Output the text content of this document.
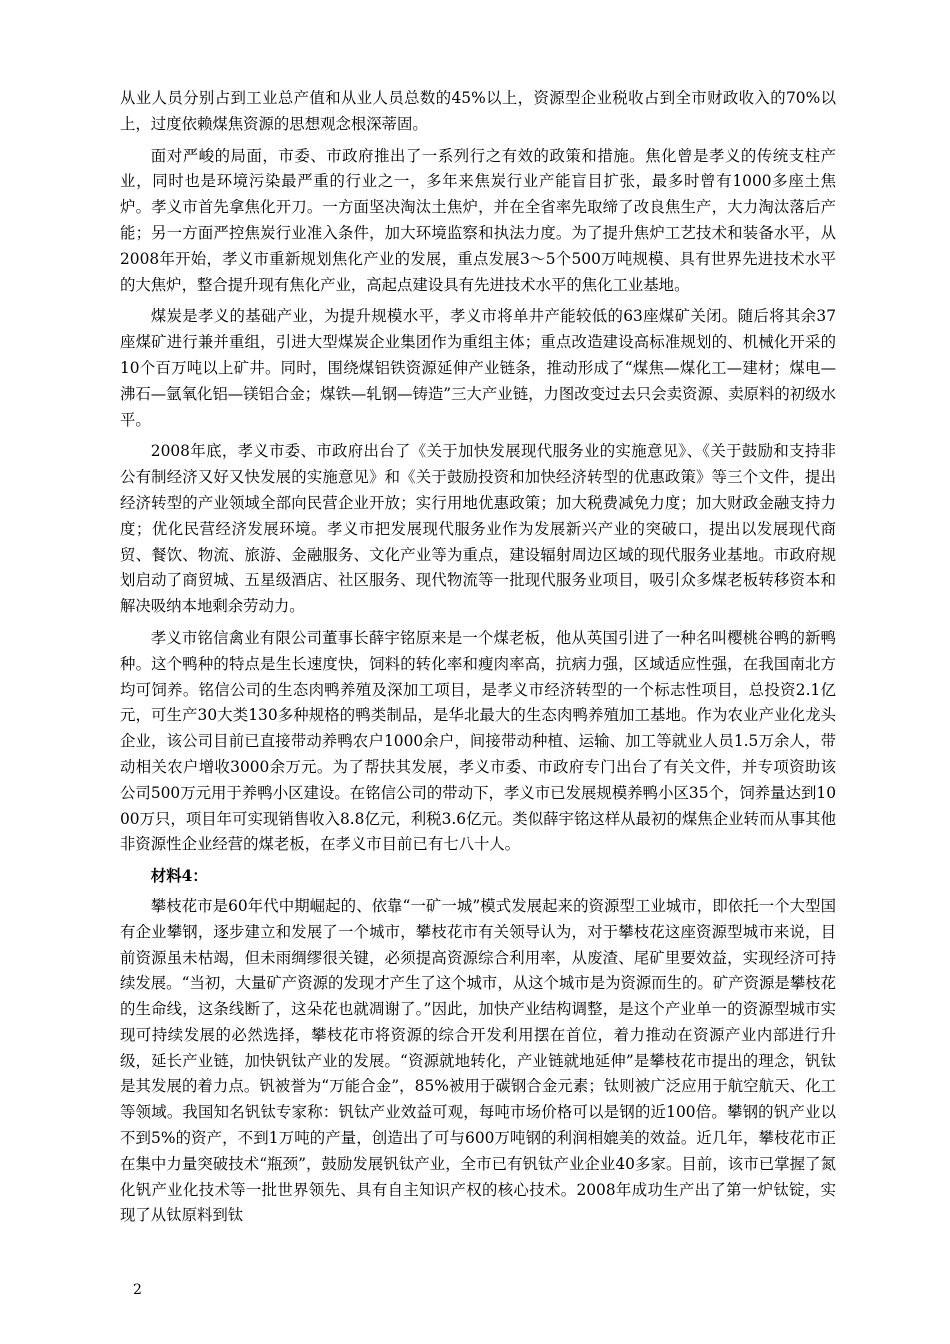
从业人员分别占到工业总产值和从业人员总数的45%以上，资源型企业税收占到全市财政收入的70%以上，过度依赖煤焦资源的思想观念根深蒂固。

面对严峻的局面，市委、市政府推出了一系列行之有效的政策和措施。焦化曾是孝义的传统支柱产业，同时也是环境污染最严重的行业之一，多年来焦炭行业产能盲目扩张，最多时曾有1000多座土焦炉。孝义市首先拿焦化开刀。一方面坚决淘汰土焦炉，并在全省率先取缔了改良焦生产，大力淘汰落后产能；另一方面严控焦炭行业准入条件，加大环境监察和执法力度。为了提升焦炉工艺技术和装备水平，从2008年开始，孝义市重新规划焦化产业的发展，重点发展3～5个500万吨规模、具有世界先进技术水平的大焦炉，整合提升现有焦化产业，高起点建设具有先进技术水平的焦化工业基地。

煤炭是孝义的基础产业，为提升规模水平，孝义市将单井产能较低的63座煤矿关闭。随后将其余37座煤矿进行兼并重组，引进大型煤炭企业集团作为重组主体；重点改造建设高标准规划的、机械化开采的10个百万吨以上矿井。同时，围绕煤铝铁资源延伸产业链条，推动形成了“煤焦—煤化工—建材；煤电—沸石—氩氧化铝—镁铝合金；煤铁—轧钢—铸造”三大产业链，力图改变过去只会卖资源、卖原料的初级水平。

2008年底，孝义市委、市政府出台了《关于加快发展现代服务业的实施意见》、《关于鼓励和支持非公有制经济又好又快发展的实施意见》和《关于鼓励投资和加快经济转型的优惠政策》等三个文件，提出经济转型的产业领域全部向民营企业开放；实行用地优惠政策；加大税费减免力度；加大财政金融支持力度；优化民营经济发展环境。孝义市把发展现代服务业作为发展新兴产业的突破口，提出以发展现代商贸、餐饮、物流、旅游、金融服务、文化产业等为重点，建设辐射周边区域的现代服务业基地。市政府规划启动了商贸城、五星级酒店、社区服务、现代物流等一批现代服务业项目，吸引众多煤老板转移资本和解决吸纳本地剩余劳动力。

孝义市铭信禽业有限公司董事长薛宇铭原来是一个煤老板，他从英国引进了一种名叫樱桃谷鸭的新鸭种。这个鸭种的特点是生长速度快，饲料的转化率和瘦肉率高，抗病力强，区域适应性强，在我国南北方均可饲养。铭信公司的生态肉鸭养殖及深加工项目，是孝义市经济转型的一个标志性项目，总投资2.1亿元，可生产30大类130多种规格的鸭类制品，是华北最大的生态肉鸭养殖加工基地。作为农业产业化龙头企业，该公司目前已直接带动养鸭农户1000余户，间接带动种植、运输、加工等就业人员1.5万余人，带动相关农户增收3000余万元。为了帮扶其发展，孝义市委、市政府专门出台了有关文件，并专项资助该公司500万元用于养鸭小区建设。在铭信公司的带动下，孝义市已发展规模养鸭小区35个，饲养量达到1000万只，项目年可实现销售收入8.8亿元，利税3.6亿元。类似薛宇铭这样从最初的煤焦企业转而从事其他非资源性企业经营的煤老板，在孝义市目前已有七八十人。

材料4：

攀枝花市是60年代中期崛起的、依靠“一矿一城”模式发展起来的资源型工业城市，即依托一个大型国有企业攀钢，逐步建立和发展了一个城市，攀枝花市有关领导认为，对于攀枝花这座资源型城市来说，目前资源虽未枯竭，但未雨绸缪很关键，必须提高资源综合利用率，从废渣、尾矿里要效益，实现经济可持续发展。“当初，大量矿产资源的发现才产生了这个城市，从这个城市是为资源而生的。矿产资源是攀枝花的生命线，这条线断了，这朵花也就凋谢了。”因此，加快产业结构调整，是这个产业单一的资源型城市实现可持续发展的必然选择，攀枝花市将资源的综合开发利用摆在首位，着力推动在资源产业内部进行升级，延长产业链，加快钒钛产业的发展。“资源就地转化，产业链就地延伸”是攀枝花市提出的理念，钒钛是其发展的着力点。钒被誉为“万能合金”，85%被用于碳钢合金元素；钛则被广泛应用于航空航天、化工等领域。我国知名钒钛专家称：钒钛产业效益可观，每吨市场价格可以是钢的近100倍。攀钢的钒产业以不到5%的资产，不到1万吨的产量，创造出了可与600万吨钢的利润相媲美的效益。近几年，攀枝花市正在集中力量突破技术“瓶颈”，鼓励发展钒钛产业，全市已有钒钛产业企业40多家。目前，该市已掌握了氮化钒产业化技术等一批世界领先、具有自主知识产权的核心技术。2008年成功生产出了第一炉钛锭，实现了从钛原料到钛

2
